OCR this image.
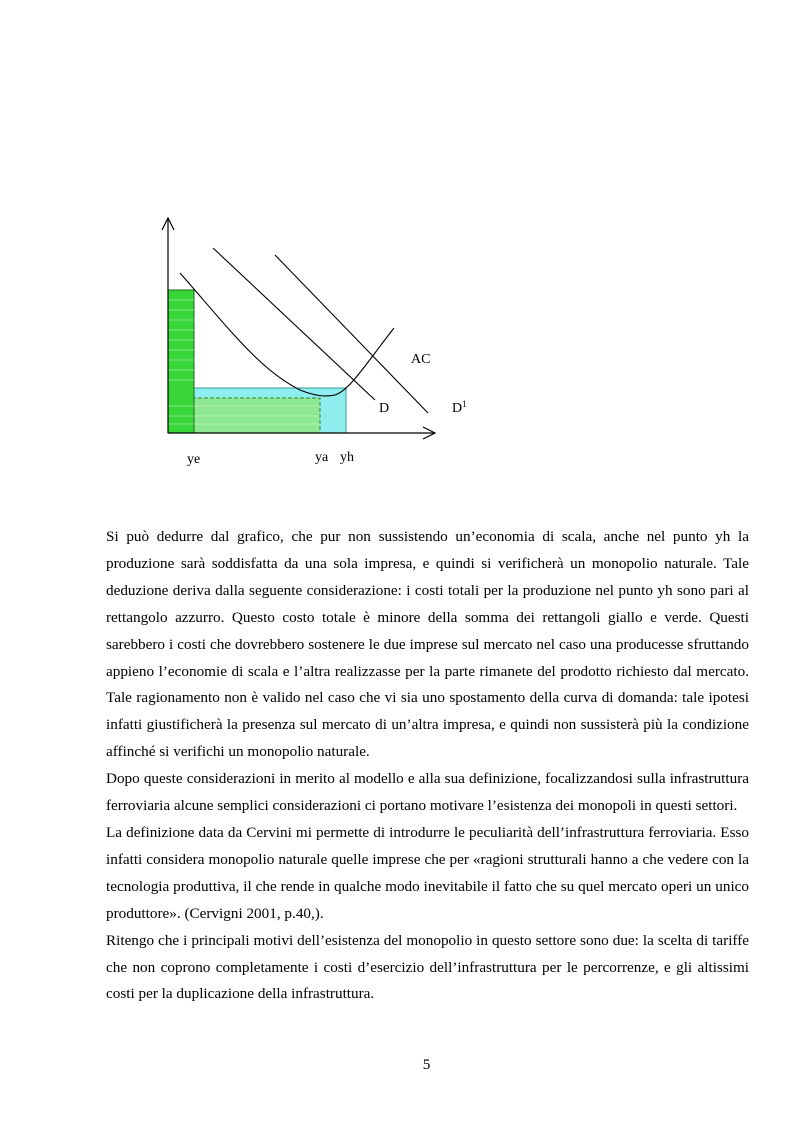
AC
D	$D^1$
ye	ya yh

Si può dedurre dal grafico, che pur non sussistendo un’economia di scala, anche nel punto yh la produzione sarà soddisfatta da una sola impresa, e quindi si verificherà un monopolio naturale. Tale deduzione deriva dalla seguente considerazione: i costi totali per la produzione nel punto yh sono pari al rettangolo azzurro. Questo costo totale è minore della somma dei rettangoli giallo e verde. Questi sarebbero i costi che dovrebbero sostenere le due imprese sul mercato nel caso una producesse sfruttando appieno l’economie di scala e l’altra realizzasse per la parte rimanete del prodotto richiesto dal mercato. Tale ragionamento non è valido nel caso che vi sia uno spostamento della curva di domanda: tale ipotesi infatti giustificherà la presenza sul mercato di un’altra impresa, e quindi non sussisterà più la condizione affinché si verifichi un monopolio naturale.

Dopo queste considerazioni in merito al modello e alla sua definizione, focalizzandosi sulla infrastruttura ferroviaria alcune semplici considerazioni ci portano motivare l’esistenza dei monopoli in questi settori.

La definizione data da Cervini mi permette di introdurre le peculiarità dell’infrastruttura ferroviaria. Esso infatti considera monopolio naturale quelle imprese che per «ragioni strutturali hanno a che vedere con la tecnologia produttiva, il che rende in qualche modo inevitabile il fatto che su quel mercato operi un unico produttore». (Cervigni 2001, p.40,).

Ritengo che i principali motivi dell’esistenza del monopolio in questo settore sono due: la scelta di tariffe che non coprono completamente i costi d’esercizio dell’infrastruttura per le percorrenze, e gli altissimi costi per la duplicazione della infrastruttura.

5
